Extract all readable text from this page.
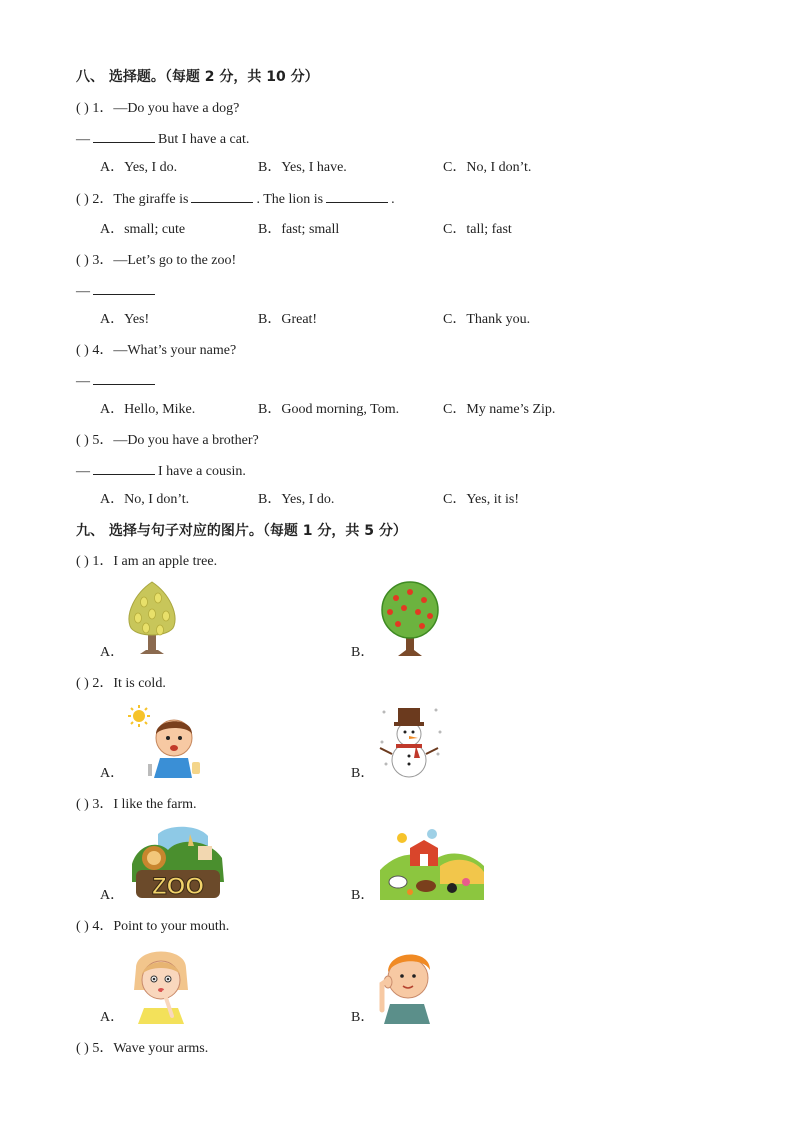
八、 选择题。（每题 2 分，共 10 分）
( ) 1．—Do you have a dog?
—	But I have a cat.
A．Yes, I do.	B．Yes, I have.	C．No, I don’t.
( ) 2．The giraffe is	. The lion is	.
A．small; cute	B．fast; small	C．tall; fast
( ) 3．—Let’s go to the zoo!
—
A．Yes!	B．Great!	C．Thank you.
( ) 4．—What’s your name?
—
A．Hello, Mike.	B．Good morning, Tom.	C．My name’s Zip.
( ) 5．—Do you have a brother?
—	I have a cousin.
A．No, I don’t.	B．Yes, I do.	C．Yes, it is!
九、 选择与句子对应的图片。（每题 1 分，共 5 分）
( ) 1．I am an apple tree.
A．	B．
( ) 2．It is cold.
A．	B．
( ) 3．I like the farm.
ZOO
A．	B．
( ) 4．Point to your mouth.
A．	B．
( ) 5．Wave your arms.
